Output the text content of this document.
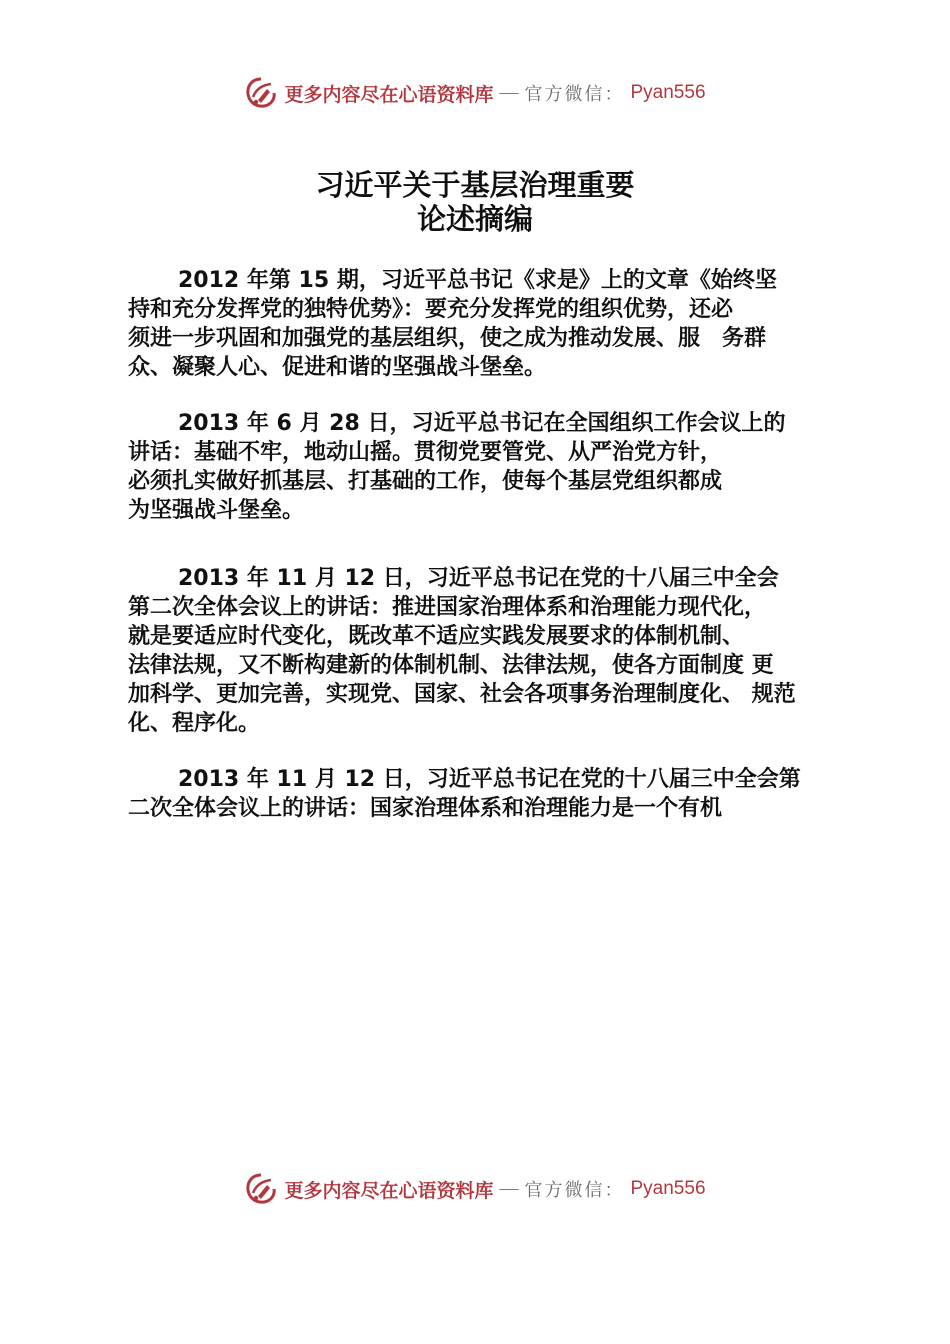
更多内容尽在心语资料库 — 官方微信： Pyan556
习近平关于基层治理重要
论述摘编

2012 年第 15 期，习近平总书记《求是》上的文章《始终坚
持和充分发挥党的独特优势》：要充分发挥党的组织优势，还必
须进一步巩固和加强党的基层组织，使之成为推动发展、服　务群
众、凝聚人心、促进和谐的坚强战斗堡垒。

2013 年 6 月 28 日，习近平总书记在全国组织工作会议上的
讲话：基础不牢，地动山摇。贯彻党要管党、从严治党方针，
必须扎实做好抓基层、打基础的工作，使每个基层党组织都成
为坚强战斗堡垒。

2013 年 11 月 12 日，习近平总书记在党的十八届三中全会
第二次全体会议上的讲话：推进国家治理体系和治理能力现代化，
就是要适应时代变化，既改革不适应实践发展要求的体制机制、
法律法规，又不断构建新的体制机制、法律法规，使各方面制度 更
加科学、更加完善，实现党、国家、社会各项事务治理制度化、 规范
化、程序化。

2013 年 11 月 12 日，习近平总书记在党的十八届三中全会第
二次全体会议上的讲话：国家治理体系和治理能力是一个有机

更多内容尽在心语资料库 — 官方微信： Pyan556
